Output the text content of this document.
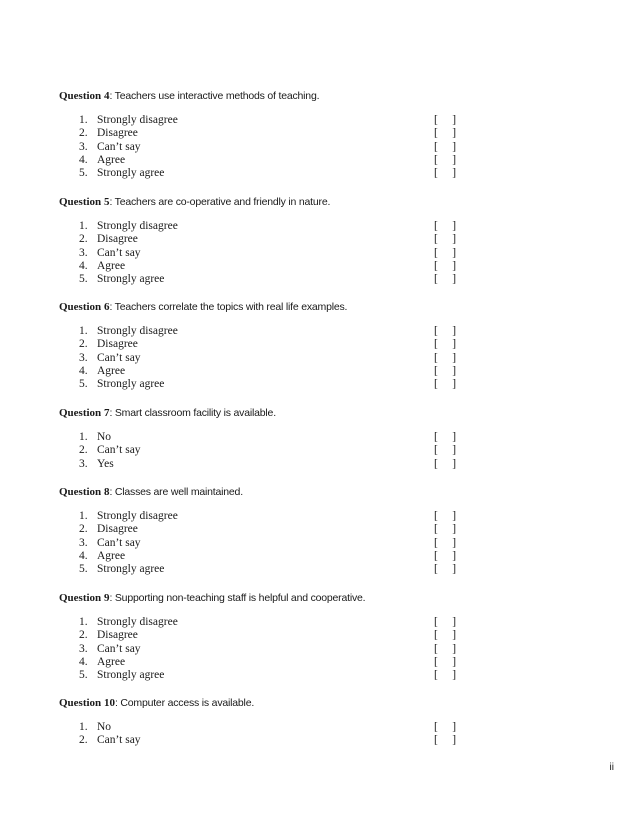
Question 4: Teachers use interactive methods of teaching.
1. Strongly disagree	[     ]
2. Disagree	[     ]
3. Can’t say	[     ]
4. Agree	[     ]
5. Strongly agree	[     ]
Question 5: Teachers are co-operative and friendly in nature.
1. Strongly disagree	[     ]
2. Disagree	[     ]
3. Can’t say	[     ]
4. Agree	[     ]
5. Strongly agree	[     ]
Question 6: Teachers correlate the topics with real life examples.
1. Strongly disagree	[     ]
2. Disagree	[     ]
3. Can’t say	[     ]
4. Agree	[     ]
5. Strongly agree	[     ]
Question 7: Smart classroom facility is available.
1. No	[     ]
2. Can’t say	[     ]
3. Yes	[     ]
Question 8: Classes are well maintained.
1. Strongly disagree	[     ]
2. Disagree	[     ]
3. Can’t say	[     ]
4. Agree	[     ]
5. Strongly agree	[     ]
Question 9: Supporting non-teaching staff is helpful and cooperative.
1. Strongly disagree	[     ]
2. Disagree	[     ]
3. Can’t say	[     ]
4. Agree	[     ]
5. Strongly agree	[     ]
Question 10: Computer access is available.
1. No	[     ]
2. Can’t say	[     ]
ii
